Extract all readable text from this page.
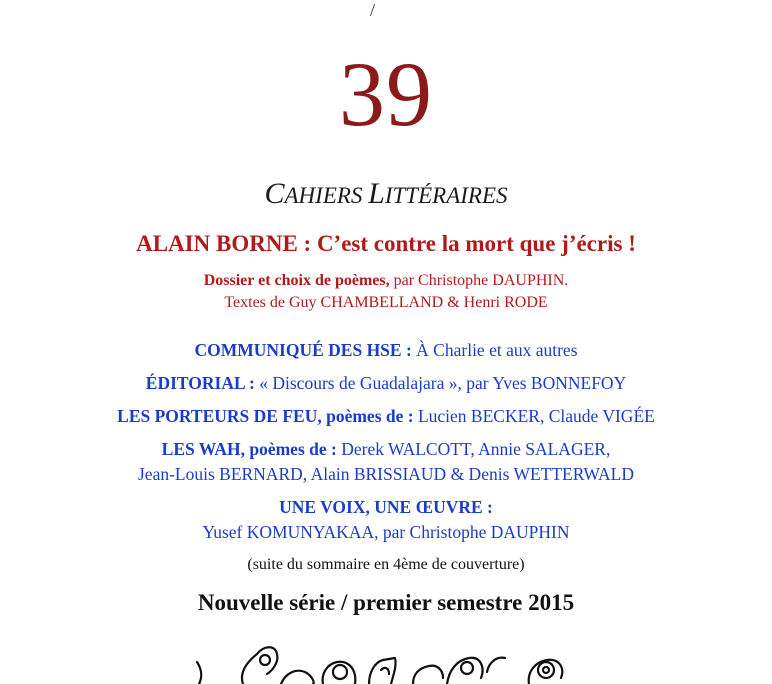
/
39
CAHIERS LITTÉRAIRES
ALAIN BORNE : C’est contre la mort que j’écris !
Dossier et choix de poèmes, par Christophe DAUPHIN.
Textes de Guy CHAMBELLAND & Henri RODE
COMMUNIQUÉ DES HSE : À Charlie et aux autres
ÉDITORIAL : « Discours de Guadalajara », par Yves BONNEFOY
LES PORTEURS DE FEU, poèmes de : Lucien BECKER, Claude VIGÉE
LES WAH, poèmes de : Derek WALCOTT, Annie SALAGER,
Jean-Louis BERNARD, Alain BRISSIAUD & Denis WETTERWALD
UNE VOIX, UNE ŒUVRE :
Yusef KOMUNYAKAA, par Christophe DAUPHIN
(suite du sommaire en 4ème de couverture)
Nouvelle série / premier semestre 2015
